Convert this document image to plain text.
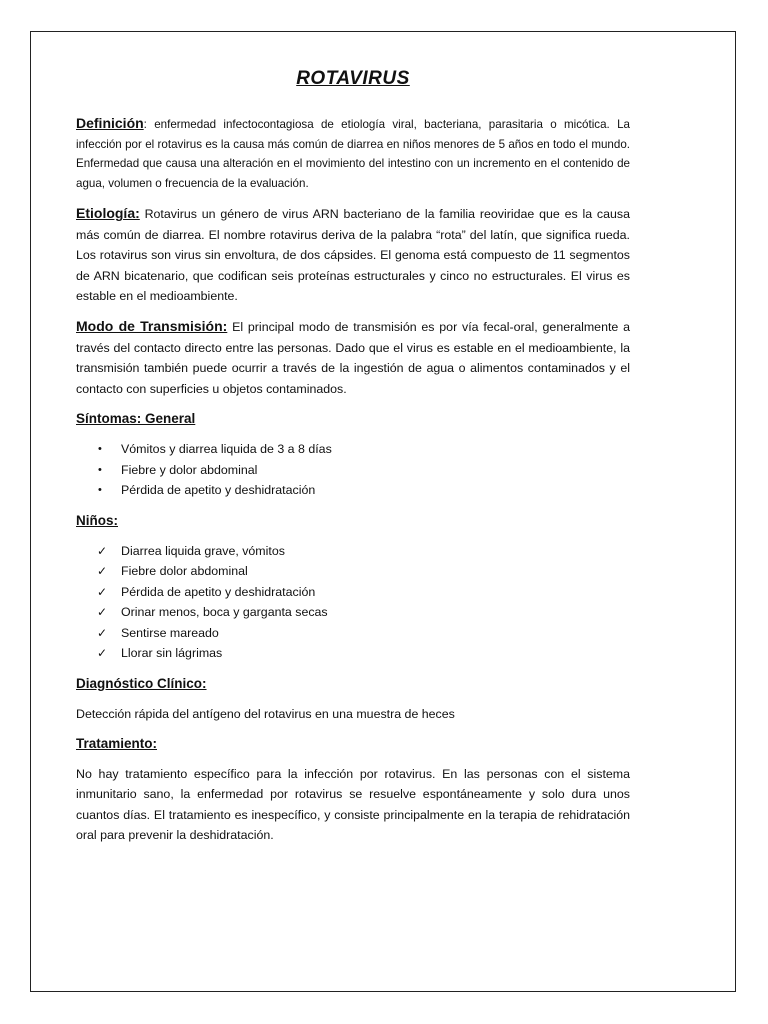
ROTAVIRUS

Definición: enfermedad infectocontagiosa de etiología viral, bacteriana, parasitaria o micótica. La infección por el rotavirus es la causa más común de diarrea en niños menores de 5 años en todo el mundo. Enfermedad que causa una alteración en el movimiento del intestino con un incremento en el contenido de agua, volumen o frecuencia de la evaluación.

Etiología: Rotavirus un género de virus ARN bacteriano de la familia reoviridae que es la causa más común de diarrea. El nombre rotavirus deriva de la palabra “rota” del latín, que significa rueda. Los rotavirus son virus sin envoltura, de dos cápsides. El genoma está compuesto de 11 segmentos de ARN bicatenario, que codifican seis proteínas estructurales y cinco no estructurales. El virus es estable en el medioambiente.

Modo de Transmisión: El principal modo de transmisión es por vía fecal-oral, generalmente a través del contacto directo entre las personas. Dado que el virus es estable en el medioambiente, la transmisión también puede ocurrir a través de la ingestión de agua o alimentos contaminados y el contacto con superficies u objetos contaminados.

Síntomas: General
•	Vómitos y diarrea liquida de 3 a 8 días
•	Fiebre y dolor abdominal
•	Pérdida de apetito y deshidratación
Niños:
✓	Diarrea liquida grave, vómitos
✓	Fiebre dolor abdominal
✓	Pérdida de apetito y deshidratación
✓	Orinar menos, boca y garganta secas
✓	Sentirse mareado
✓	Llorar sin lágrimas
Diagnóstico Clínico:

Detección rápida del antígeno del rotavirus en una muestra de heces

Tratamiento:

No hay tratamiento específico para la infección por rotavirus. En las personas con el sistema inmunitario sano, la enfermedad por rotavirus se resuelve espontáneamente y solo dura unos cuantos días. El tratamiento es inespecífico, y consiste principalmente en la terapia de rehidratación oral para prevenir la deshidratación.
